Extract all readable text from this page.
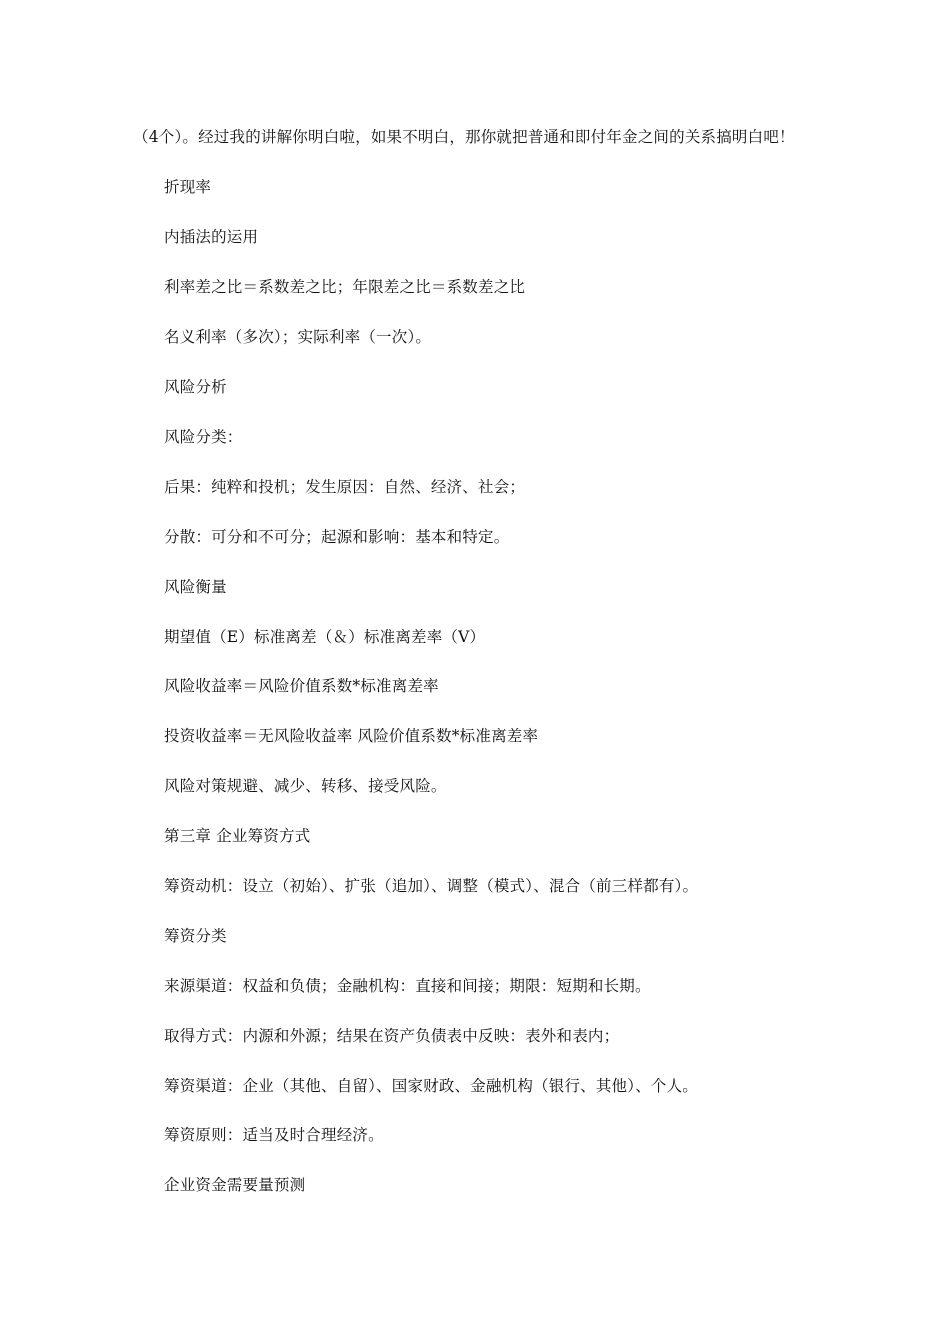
（4个）。经过我的讲解你明白啦，如果不明白，那你就把普通和即付年金之间的关系搞明白吧！
折现率
内插法的运用
利率差之比＝系数差之比；年限差之比＝系数差之比
名义利率（多次）；实际利率（一次）。
风险分析
风险分类：
后果：纯粹和投机；发生原因：自然、经济、社会；
分散：可分和不可分；起源和影响：基本和特定。
风险衡量
期望值（E）标准离差（＆）标准离差率（V）
风险收益率＝风险价值系数*标准离差率
投资收益率＝无风险收益率 风险价值系数*标准离差率
风险对策规避、减少、转移、接受风险。
第三章 企业筹资方式
筹资动机：设立（初始）、扩张（追加）、调整（模式）、混合（前三样都有）。
筹资分类
来源渠道：权益和负债；金融机构：直接和间接；期限：短期和长期。
取得方式：内源和外源；结果在资产负债表中反映：表外和表内；
筹资渠道：企业（其他、自留）、国家财政、金融机构（银行、其他）、个人。
筹资原则：适当及时合理经济。
企业资金需要量预测
